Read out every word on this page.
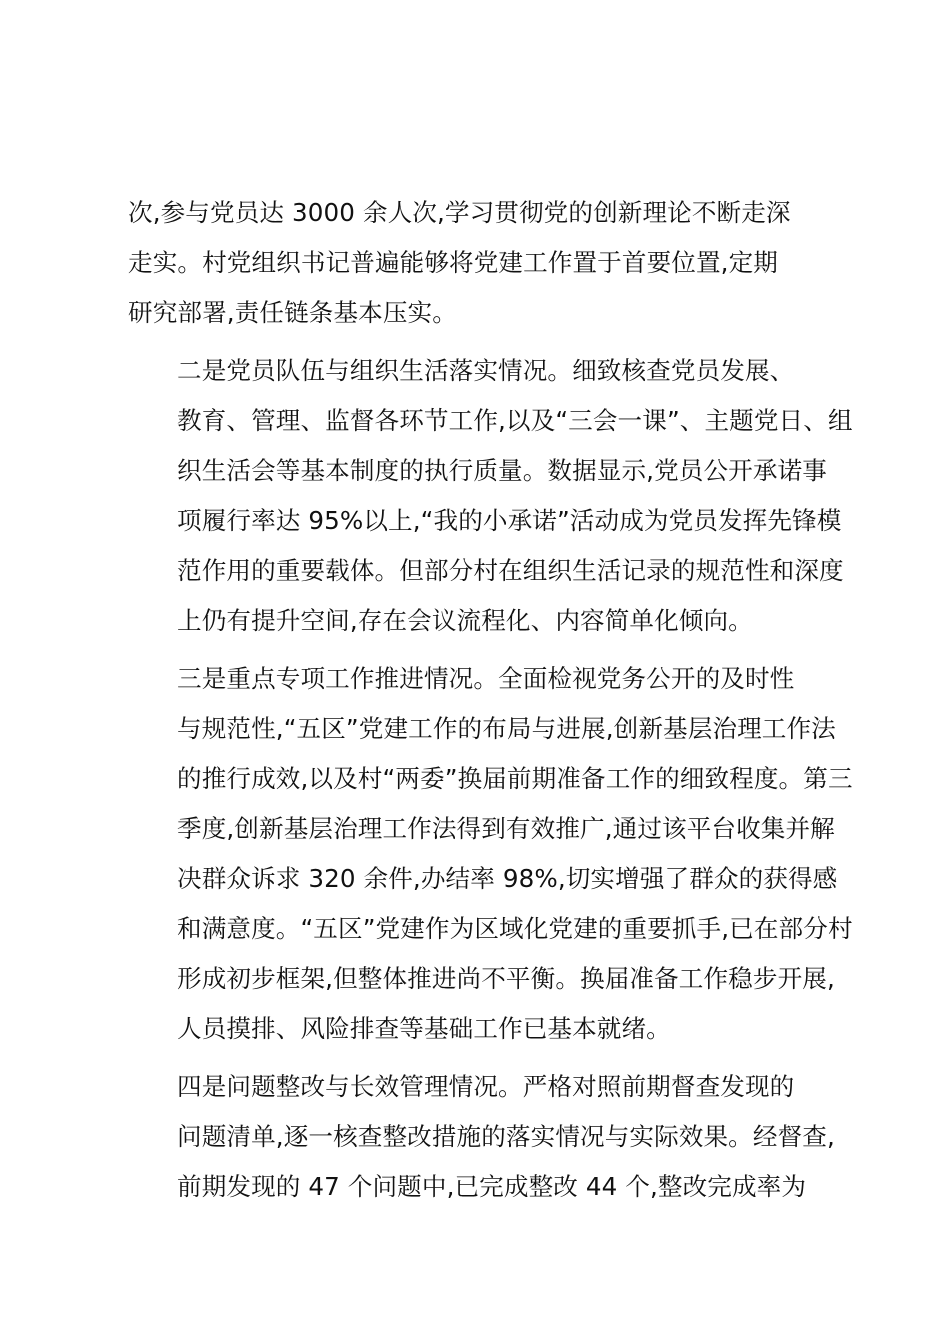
次,参与党员达 3000 余人次,学习贯彻党的创新理论不断走深
走实。村党组织书记普遍能够将党建工作置于首要位置,定期
研究部署,责任链条基本压实。

二是党员队伍与组织生活落实情况。细致核查党员发展、
教育、管理、监督各环节工作,以及“三会一课”、主题党日、组
织生活会等基本制度的执行质量。数据显示,党员公开承诺事
项履行率达 95%以上,“我的小承诺”活动成为党员发挥先锋模
范作用的重要载体。但部分村在组织生活记录的规范性和深度
上仍有提升空间,存在会议流程化、内容简单化倾向。

三是重点专项工作推进情况。全面检视党务公开的及时性
与规范性,“五区”党建工作的布局与进展,创新基层治理工作法
的推行成效,以及村“两委”换届前期准备工作的细致程度。第三
季度,创新基层治理工作法得到有效推广,通过该平台收集并解
决群众诉求 320 余件,办结率 98%,切实增强了群众的获得感
和满意度。“五区”党建作为区域化党建的重要抓手,已在部分村
形成初步框架,但整体推进尚不平衡。换届准备工作稳步开展,
人员摸排、风险排查等基础工作已基本就绪。

四是问题整改与长效管理情况。严格对照前期督查发现的
问题清单,逐一核查整改措施的落实情况与实际效果。经督查,
前期发现的 47 个问题中,已完成整改 44 个,整改完成率为
